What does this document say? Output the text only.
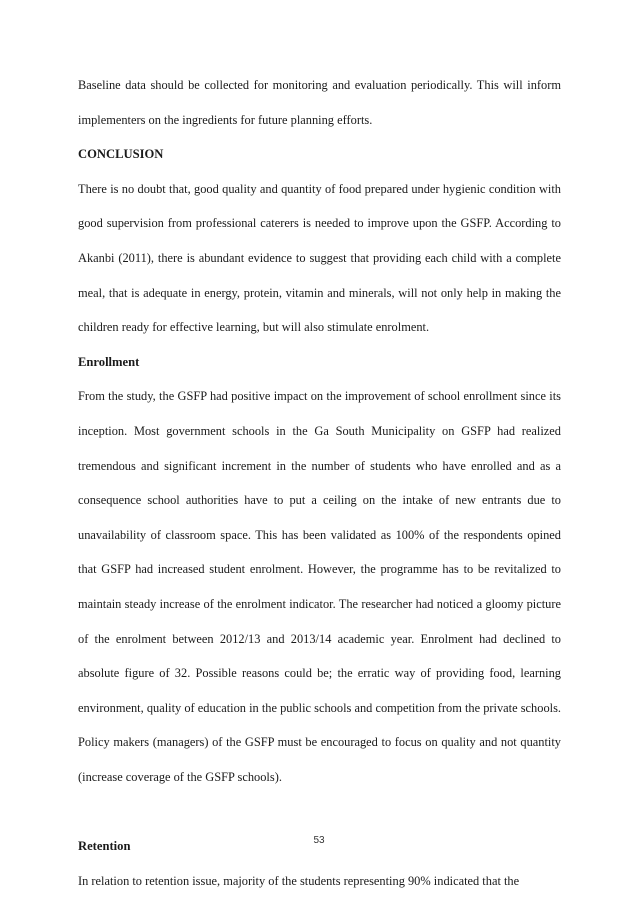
Baseline data should be collected for monitoring and evaluation periodically. This will inform implementers on the ingredients for future planning efforts.

CONCLUSION

There is no doubt that, good quality and quantity of food prepared under hygienic condition with good supervision from professional caterers is needed to improve upon the GSFP. According to Akanbi (2011), there is abundant evidence to suggest that providing each child with a complete meal, that is adequate in energy, protein, vitamin and minerals, will not only help in making the children ready for effective learning, but will also stimulate enrolment.

Enrollment

From the study, the GSFP had positive impact on the improvement of school enrollment since its inception. Most government schools in the Ga South Municipality on GSFP had realized tremendous and significant increment in the number of students who have enrolled and as a consequence school authorities have to put a ceiling on the intake of new entrants due to unavailability of classroom space. This has been validated as 100% of the respondents opined that GSFP had increased student enrolment. However, the programme has to be revitalized to maintain steady increase of the enrolment indicator. The researcher had noticed a gloomy picture of the enrolment between 2012/13 and 2013/14 academic year. Enrolment had declined to absolute figure of 32. Possible reasons could be; the erratic way of providing food, learning environment, quality of education in the public schools and competition from the private schools. Policy makers (managers) of the GSFP must be encouraged to focus on quality and not quantity (increase coverage of the GSFP schools).

Retention

In relation to retention issue, majority of the students representing 90% indicated that the

53
